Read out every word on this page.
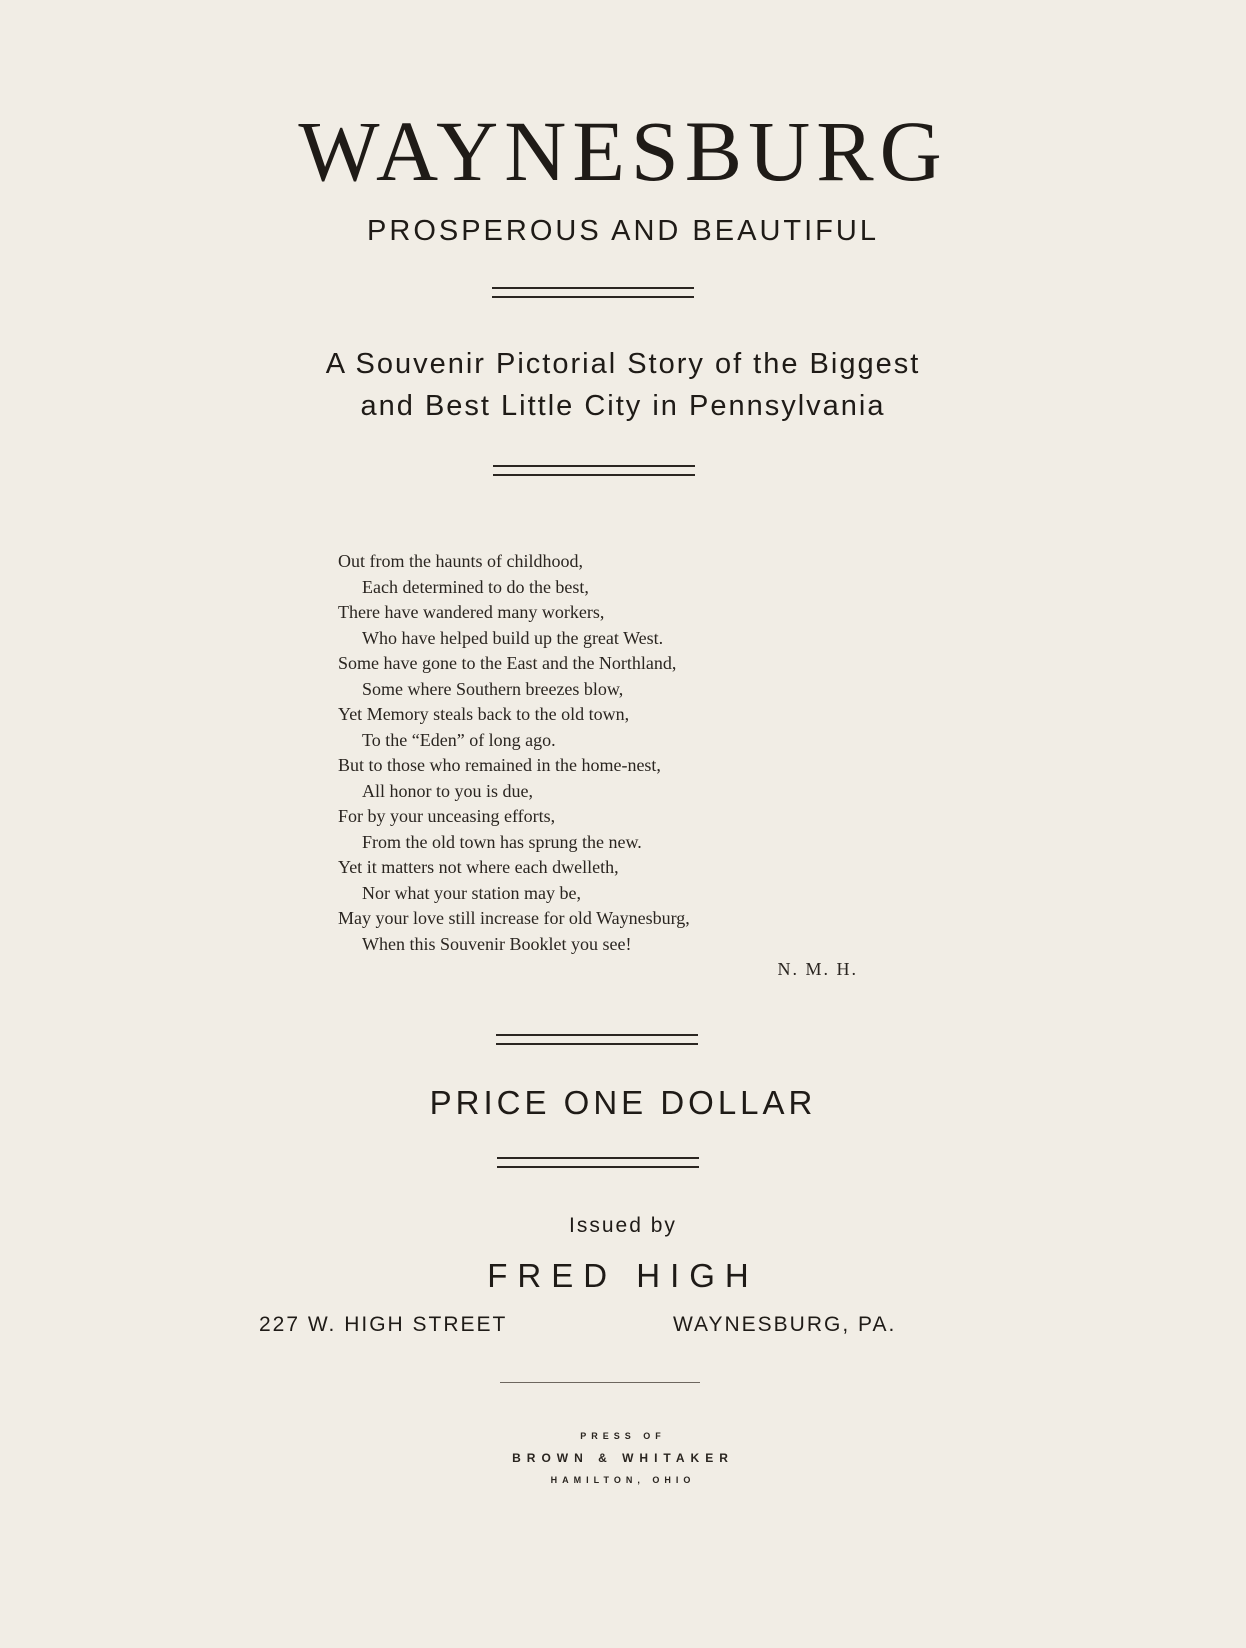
WAYNESBURG
PROSPEROUS AND BEAUTIFUL
A Souvenir Pictorial Story of the Biggest
and Best Little City in Pennsylvania
Out from the haunts of childhood,
Each determined to do the best,
There have wandered many workers,
Who have helped build up the great West.
Some have gone to the East and the Northland,
Some where Southern breezes blow,
Yet Memory steals back to the old town,
To the “Eden” of long ago.
But to those who remained in the home-nest,
All honor to you is due,
For by your unceasing efforts,
From the old town has sprung the new.
Yet it matters not where each dwelleth,
Nor what your station may be,
May your love still increase for old Waynesburg,
When this Souvenir Booklet you see!
N. M. H.
PRICE ONE DOLLAR
Issued by
FRED HIGH
227 W. HIGH STREET	WAYNESBURG, PA.
PRESS OF
BROWN & WHITAKER
HAMILTON, OHIO
